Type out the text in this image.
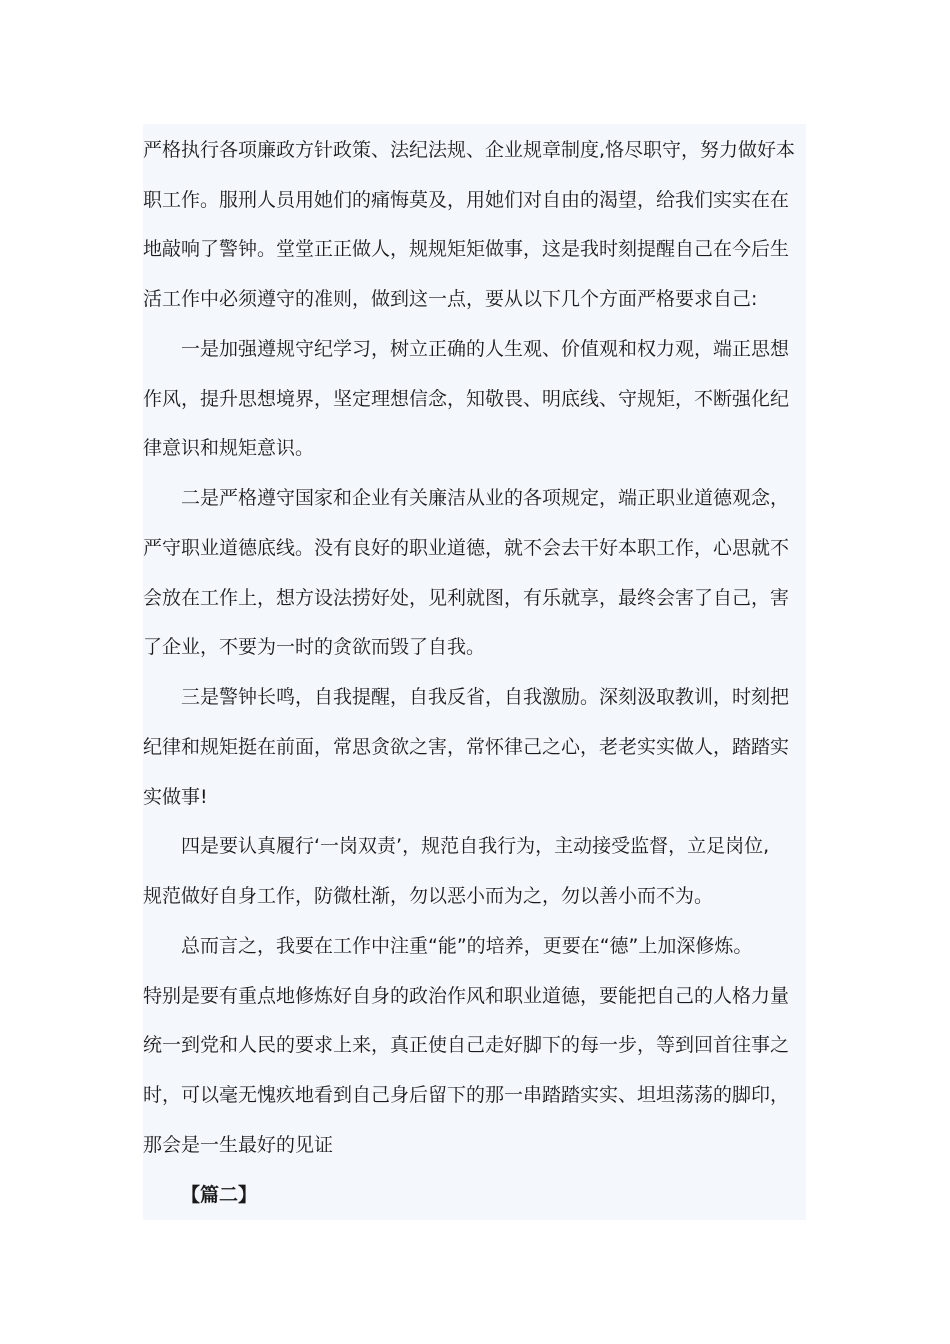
严格执行各项廉政方针政策、法纪法规、企业规章制度,恪尽职守，努力做好本
职工作。服刑人员用她们的痛悔莫及，用她们对自由的渴望，给我们实实在在
地敲响了警钟。堂堂正正做人，规规矩矩做事，这是我时刻提醒自己在今后生
活工作中必须遵守的准则，做到这一点，要从以下几个方面严格要求自己:
一是加强遵规守纪学习，树立正确的人生观、价值观和权力观，端正思想
作风，提升思想境界，坚定理想信念，知敬畏、明底线、守规矩，不断强化纪
律意识和规矩意识。
二是严格遵守国家和企业有关廉洁从业的各项规定，端正职业道德观念，
严守职业道德底线。没有良好的职业道德，就不会去干好本职工作，心思就不
会放在工作上，想方设法捞好处，见利就图，有乐就享，最终会害了自己，害
了企业，不要为一时的贪欲而毁了自我。
三是警钟长鸣，自我提醒，自我反省，自我激励。深刻汲取教训，时刻把
纪律和规矩挺在前面，常思贪欲之害，常怀律己之心，老老实实做人，踏踏实
实做事!
四是要认真履行‘一岗双责’，规范自我行为，主动接受监督，立足岗位,
规范做好自身工作，防微杜渐，勿以恶小而为之，勿以善小而不为。
总而言之，我要在工作中注重“能”的培养，更要在“德”上加深修炼。
特别是要有重点地修炼好自身的政治作风和职业道德，要能把自己的人格力量
统一到党和人民的要求上来，真正使自己走好脚下的每一步，等到回首往事之
时，可以毫无愧疚地看到自己身后留下的那一串踏踏实实、坦坦荡荡的脚印，
那会是一生最好的见证
【篇二】
